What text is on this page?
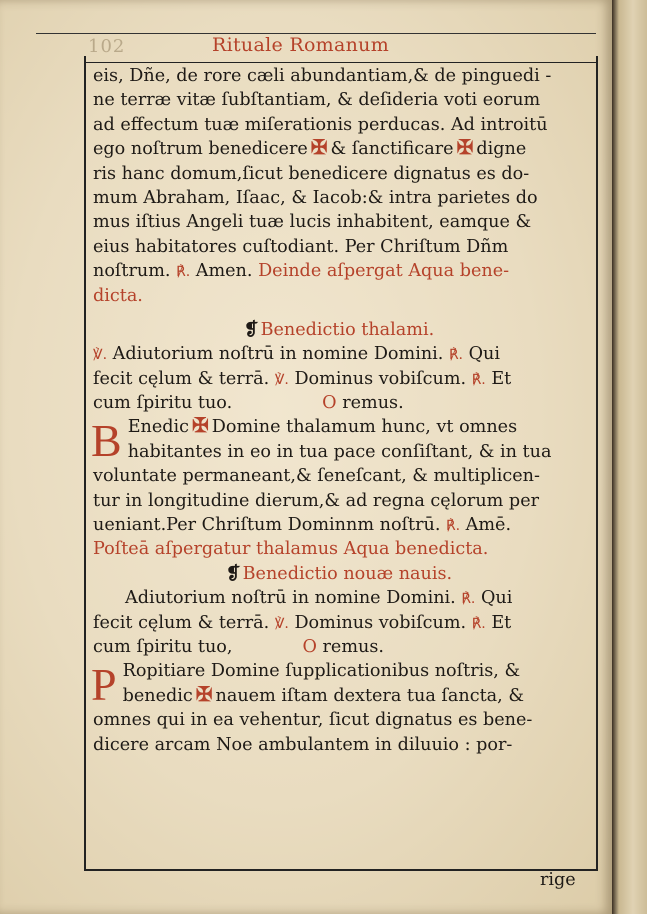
102	Rituale Romanum
eis, Dñe, de rore cæli abundantiam,& de pinguedi -
ne terræ vitæ ſubſtantiam, & deſideria voti eorum
ad effectum tuæ miſerationis perducas. Ad introitū
ego noſtrum benedicere ✠ & ſanctificare ✠ digne
ris hanc domum,ſicut benedicere dignatus es do-
mum Abraham, Iſaac, & Iacob:& intra parietes do
mus iſtius Angeli tuæ lucis inhabitent, eamque &
eius habitatores cuſtodiant. Per Chriſtum Dñm
noſtrum. ℟. Amen. Deinde aſpergat Aqua bene-
dicta.
❡ Benedictio thalami.
℣. Adiutorium noſtrū in nomine Domini. ℟. Qui
fecit cęlum & terrā. ℣. Dominus vobiſcum. ℟. Et
cum ſpiritu tuo.	O remus.
B Enedic ✠ Domine thalamum hunc, vt omnes
habitantes in eo in tua pace conſiſtant, & in tua
voluntate permaneant,& ſeneſcant, & multiplicen-
tur in longitudine dierum,& ad regna cęlorum per
ueniant.Per Chriſtum Dominnm noſtrū. ℟. Amē.
Poſteā aſpergatur thalamus Aqua benedicta.
❡ Benedictio nouæ nauis.
Adiutorium noſtrū in nomine Domini. ℟. Qui
fecit cęlum & terrā. ℣. Dominus vobiſcum. ℟. Et
cum ſpiritu tuo,	O remus.
P Ropitiare Domine ſupplicationibus noſtris, &
benedic ✠ nauem iſtam dextera tua ſancta, &
omnes qui in ea vehentur, ſicut dignatus es bene-
dicere arcam Noe ambulantem in diluuio : por-
rige
